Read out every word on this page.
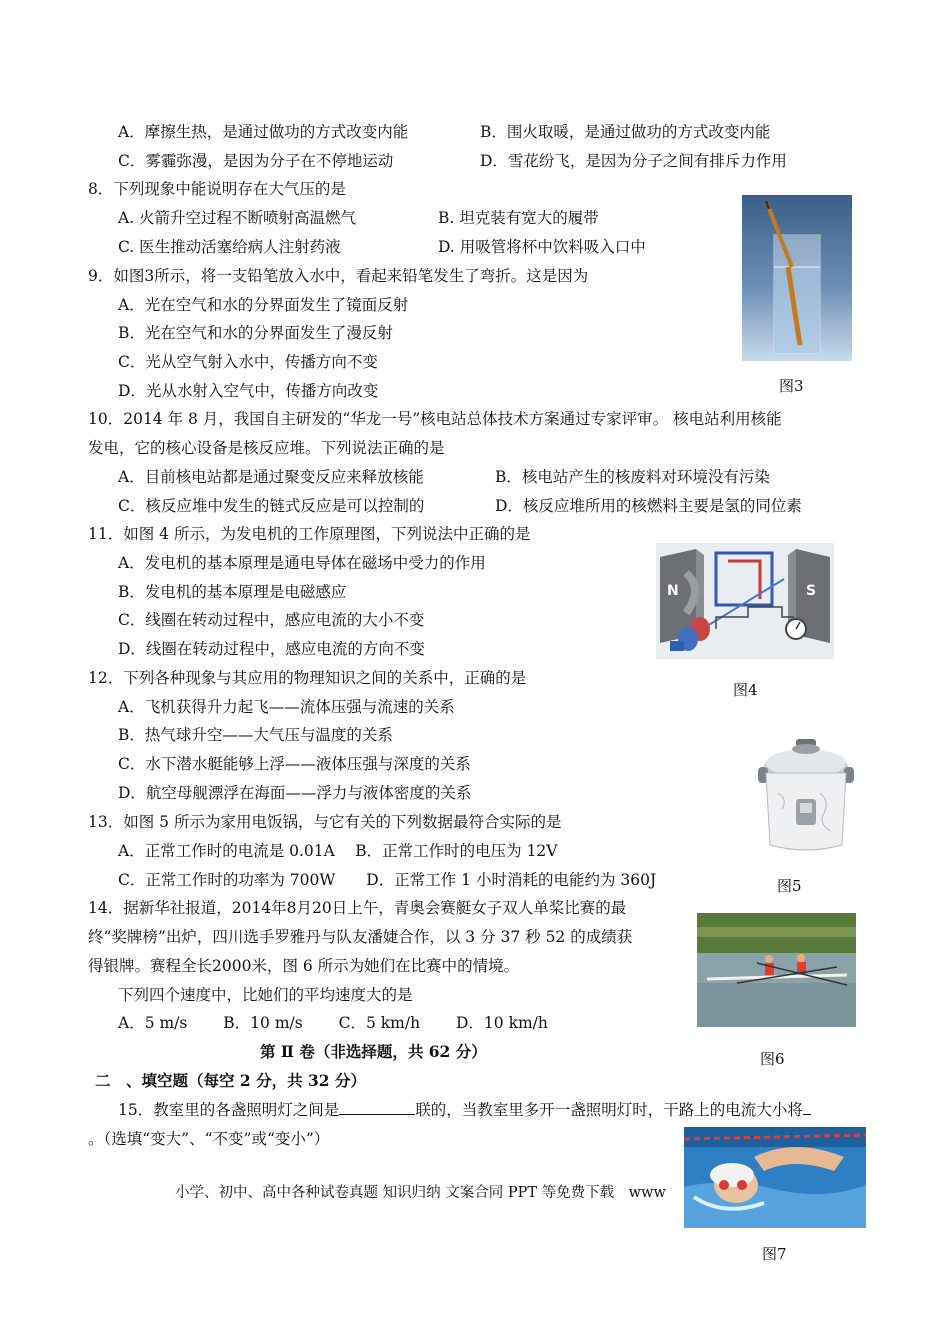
A．摩擦生热，是通过做功的方式改变内能	B．围火取暖，是通过做功的方式改变内能
C．雾霾弥漫，是因为分子在不停地运动	D．雪花纷飞，是因为分子之间有排斥力作用
8．下列现象中能说明存在大气压的是
A. 火箭升空过程不断喷射高温燃气	B. 坦克装有宽大的履带
C. 医生推动活塞给病人注射药液	D. 用吸管将杯中饮料吸入口中
图3
9．如图3所示，将一支铅笔放入水中，看起来铅笔发生了弯折。这是因为
A．光在空气和水的分界面发生了镜面反射
B．光在空气和水的分界面发生了漫反射
C．光从空气射入水中，传播方向不变
D．光从水射入空气中，传播方向改变
10．2014 年 8 月，我国自主研发的“华龙一号”核电站总体技术方案通过专家评审。 核电站利用核能
发电，它的核心设备是核反应堆。下列说法正确的是
A．目前核电站都是通过聚变反应来释放核能	B．核电站产生的核废料对环境没有污染
C．核反应堆中发生的链式反应是可以控制的	D．核反应堆所用的核燃料主要是氢的同位素
11．如图 4 所示，为发电机的工作原理图，下列说法中正确的是
A．发电机的基本原理是通电导体在磁场中受力的作用
B．发电机的基本原理是电磁感应
C．线圈在转动过程中，感应电流的大小不变
D．线圈在转动过程中，感应电流的方向不变
N	S
图4
12．下列各种现象与其应用的物理知识之间的关系中，正确的是
A．飞机获得升力起飞——流体压强与流速的关系
B．热气球升空——大气压与温度的关系
C．水下潜水艇能够上浮——液体压强与深度的关系
D．航空母舰漂浮在海面——浮力与液体密度的关系
图5
13．如图 5 所示为家用电饭锅，与它有关的下列数据最符合实际的是
A．正常工作时的电流是 0.01A　 B．正常工作时的电压为 12V
C．正常工作时的功率为 700W　　D．正常工作 1 小时消耗的电能约为 360J
14．据新华社报道，2014年8月20日上午，青奥会赛艇女子双人单桨比赛的最
终“奖牌榜”出炉，四川选手罗雅丹与队友潘婕合作，以 3 分 37 秒 52 的成绩获
得银牌。赛程全长2000米，图 6 所示为她们在比赛中的情境。
下列四个速度中，比她们的平均速度大的是
A．5 m/s　　 B．10 m/s　　 C．5 km/h　　 D．10 km/h
图6
第 Ⅱ 卷（非选择题，共 62 分）
二　、填空题（每空 2 分，共 32 分）
15．教室里的各盏照明灯之间是	联的，当教室里多开一盏照明灯时，干路上的电流大小将
。（选填“变大”、“不变”或“变小”）
图7
小学、初中、高中各种试卷真题 知识归纳 文案合同 PPT 等免费下载　www
